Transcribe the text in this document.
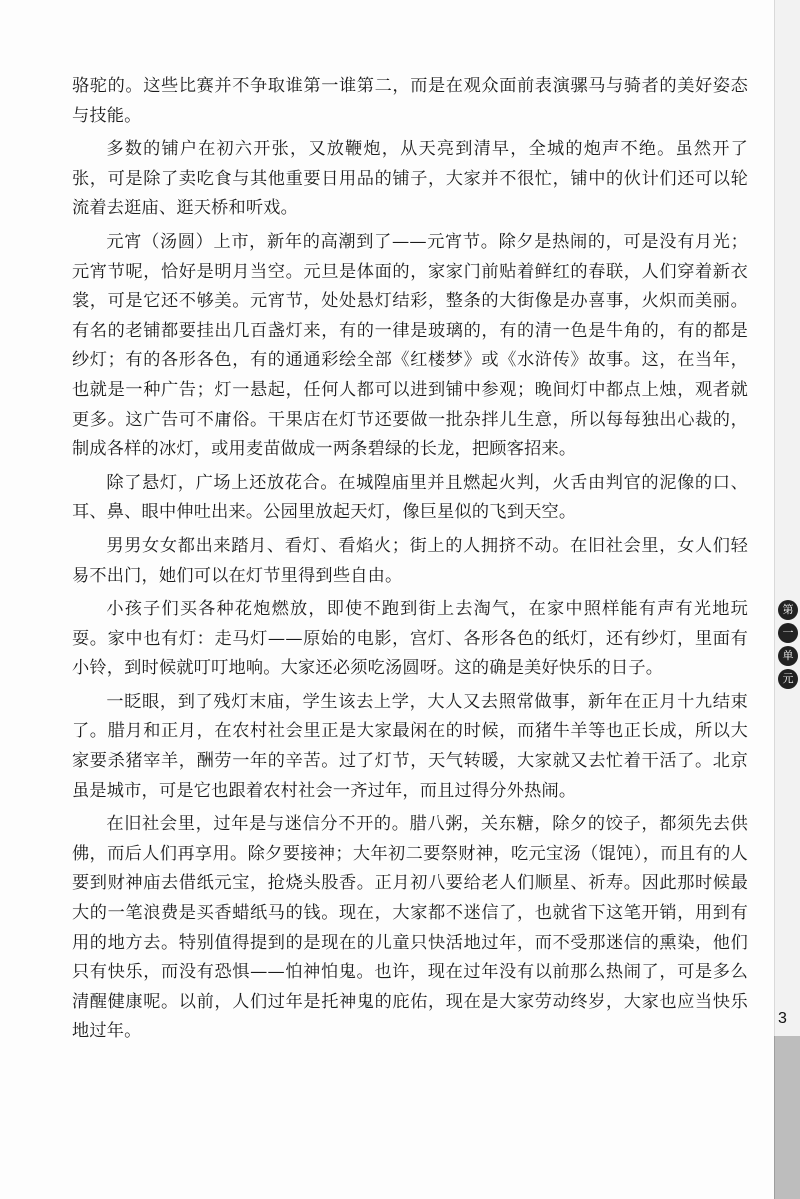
骆驼的。这些比赛并不争取谁第一谁第二，而是在观众面前表演骡马与骑者的美好姿态与技能。

多数的铺户在初六开张，又放鞭炮，从天亮到清早，全城的炮声不绝。虽然开了张，可是除了卖吃食与其他重要日用品的铺子，大家并不很忙，铺中的伙计们还可以轮流着去逛庙、逛天桥和听戏。

元宵（汤圆）上市，新年的高潮到了——元宵节。除夕是热闹的，可是没有月光；元宵节呢，恰好是明月当空。元旦是体面的，家家门前贴着鲜红的春联，人们穿着新衣裳，可是它还不够美。元宵节，处处悬灯结彩，整条的大街像是办喜事，火炽而美丽。有名的老铺都要挂出几百盏灯来，有的一律是玻璃的，有的清一色是牛角的，有的都是纱灯；有的各形各色，有的通通彩绘全部《红楼梦》或《水浒传》故事。这，在当年，也就是一种广告；灯一悬起，任何人都可以进到铺中参观；晚间灯中都点上烛，观者就更多。这广告可不庸俗。干果店在灯节还要做一批杂拌儿生意，所以每每独出心裁的，制成各样的冰灯，或用麦苗做成一两条碧绿的长龙，把顾客招来。

除了悬灯，广场上还放花合。在城隍庙里并且燃起火判，火舌由判官的泥像的口、耳、鼻、眼中伸吐出来。公园里放起天灯，像巨星似的飞到天空。

男男女女都出来踏月、看灯、看焰火；街上的人拥挤不动。在旧社会里，女人们轻易不出门，她们可以在灯节里得到些自由。

小孩子们买各种花炮燃放，即使不跑到街上去淘气，在家中照样能有声有光地玩耍。家中也有灯：走马灯——原始的电影，宫灯、各形各色的纸灯，还有纱灯，里面有小铃，到时候就叮叮地响。大家还必须吃汤圆呀。这的确是美好快乐的日子。

一眨眼，到了残灯末庙，学生该去上学，大人又去照常做事，新年在正月十九结束了。腊月和正月，在农村社会里正是大家最闲在的时候，而猪牛羊等也正长成，所以大家要杀猪宰羊，酬劳一年的辛苦。过了灯节，天气转暖，大家就又去忙着干活了。北京虽是城市，可是它也跟着农村社会一齐过年，而且过得分外热闹。

在旧社会里，过年是与迷信分不开的。腊八粥，关东糖，除夕的饺子，都须先去供佛，而后人们再享用。除夕要接神；大年初二要祭财神，吃元宝汤（馄饨），而且有的人要到财神庙去借纸元宝，抢烧头股香。正月初八要给老人们顺星、祈寿。因此那时候最大的一笔浪费是买香蜡纸马的钱。现在，大家都不迷信了，也就省下这笔开销，用到有用的地方去。特别值得提到的是现在的儿童只快活地过年，而不受那迷信的熏染，他们只有快乐，而没有恐惧——怕神怕鬼。也许，现在过年没有以前那么热闹了，可是多么清醒健康呢。以前，人们过年是托神鬼的庇佑，现在是大家劳动终岁，大家也应当快乐地过年。

第
一
单
元
3
